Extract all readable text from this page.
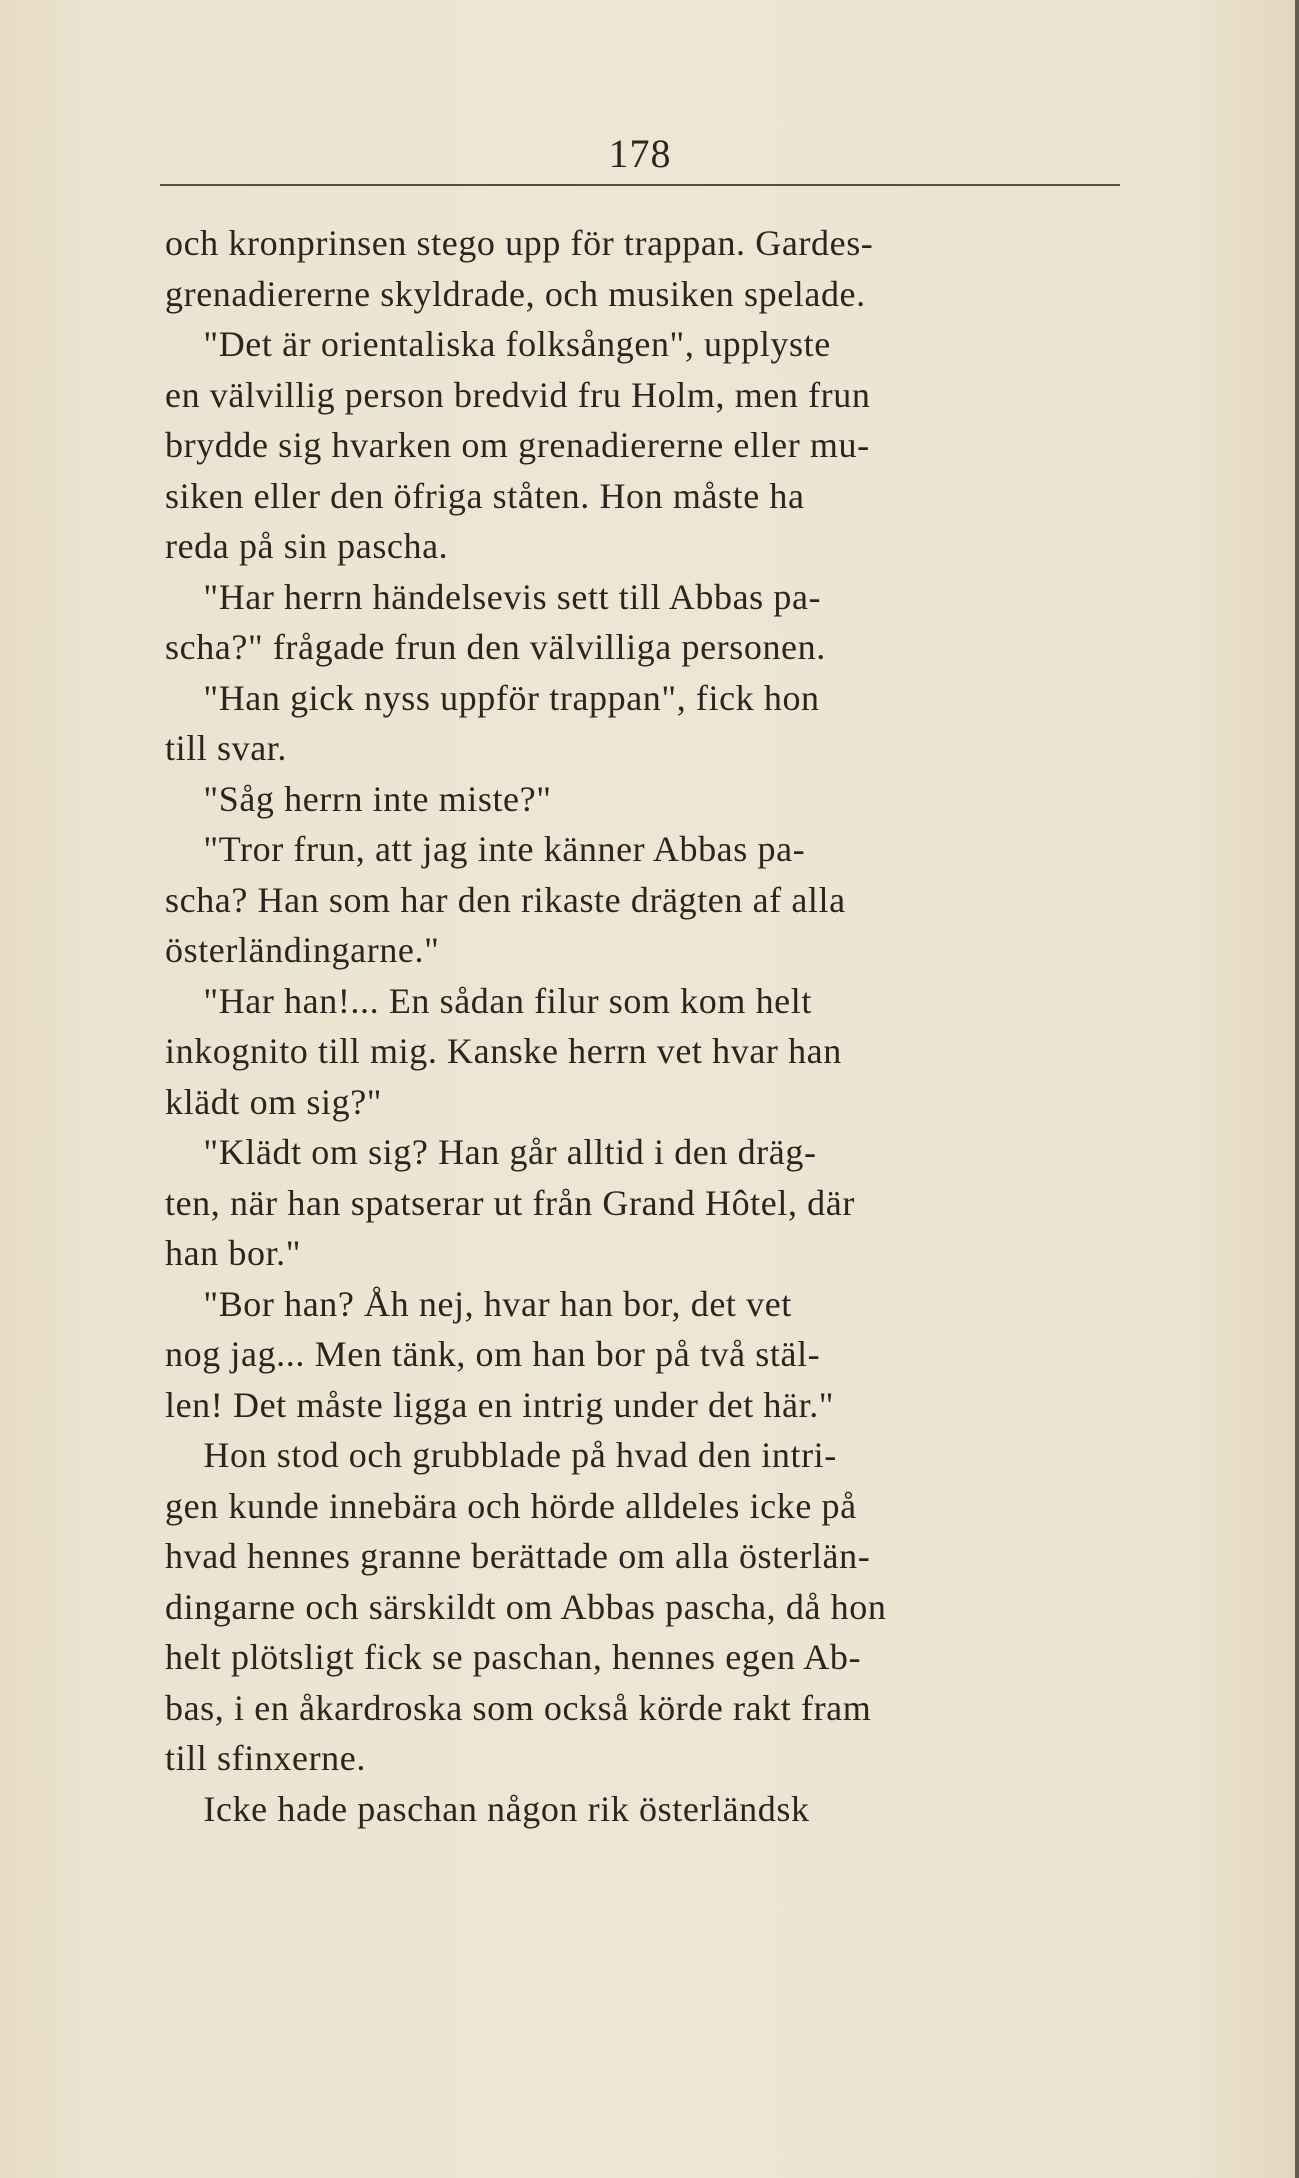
178
och kronprinsen stego upp för trappan. Gardes-
grenadiererne skyldrade, och musiken spelade.
"Det är orientaliska folksången", upplyste
en välvillig person bredvid fru Holm, men frun
brydde sig hvarken om grenadiererne eller mu-
siken eller den öfriga ståten. Hon måste ha
reda på sin pascha.
"Har herrn händelsevis sett till Abbas pa-
scha?" frågade frun den välvilliga personen.
"Han gick nyss uppför trappan", fick hon
till svar.
"Såg herrn inte miste?"
"Tror frun, att jag inte känner Abbas pa-
scha? Han som har den rikaste drägten af alla
österländingarne."
"Har han!... En sådan filur som kom helt
inkognito till mig. Kanske herrn vet hvar han
klädt om sig?"
"Klädt om sig? Han går alltid i den dräg-
ten, när han spatserar ut från Grand Hôtel, där
han bor."
"Bor han? Åh nej, hvar han bor, det vet
nog jag... Men tänk, om han bor på två stäl-
len! Det måste ligga en intrig under det här."
Hon stod och grubblade på hvad den intri-
gen kunde innebära och hörde alldeles icke på
hvad hennes granne berättade om alla österlän-
dingarne och särskildt om Abbas pascha, då hon
helt plötsligt fick se paschan, hennes egen Ab-
bas, i en åkardroska som också körde rakt fram
till sfinxerne.
Icke hade paschan någon rik österländsk
